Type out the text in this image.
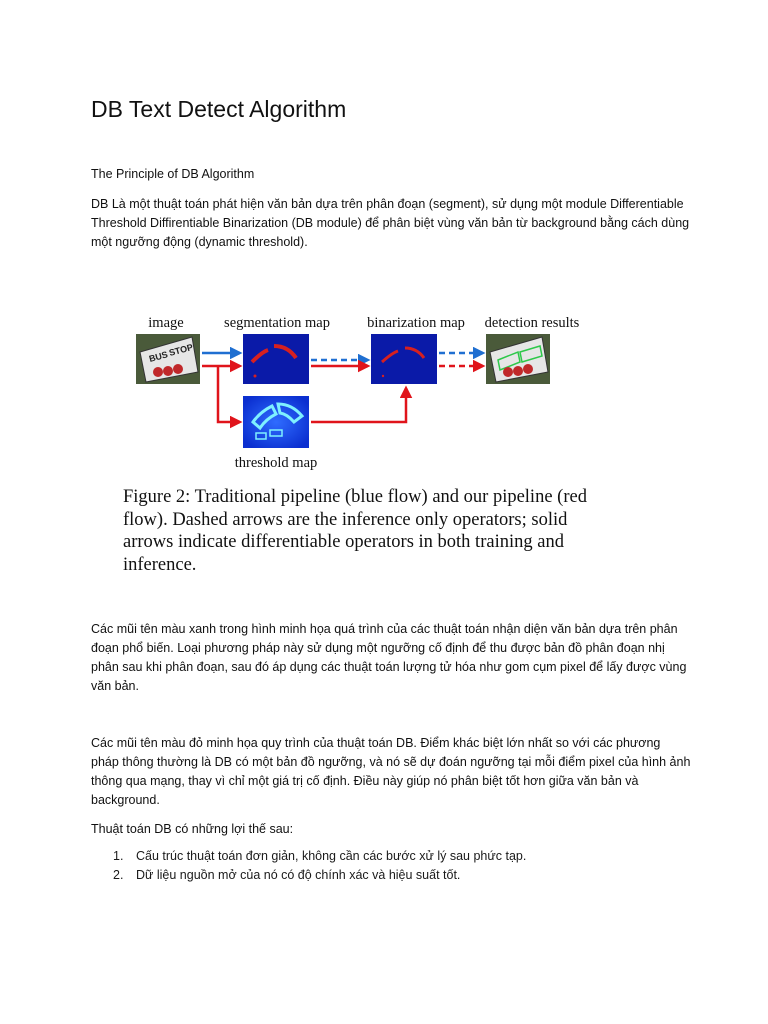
DB Text Detect Algorithm

The Principle of DB Algorithm

DB Là một thuật toán phát hiện văn bản dựa trên phân đoạn (segment), sử dụng một module Differentiable Threshold Diffirentiable Binarization (DB module) để phân biệt vùng văn bản từ background bằng cách dùng một ngưỡng động (dynamic threshold).

image	segmentation map	binarization map detection results
threshold map
BUS STOP

Figure 2: Traditional pipeline (blue flow) and our pipeline (red flow). Dashed arrows are the inference only operators; solid arrows indicate differentiable operators in both training and inference.

Các mũi tên màu xanh trong hình minh họa quá trình của các thuật toán nhận diện văn bản dựa trên phân đoạn phổ biến. Loại phương pháp này sử dụng một ngưỡng cố định để thu được bản đồ phân đoạn nhị phân sau khi phân đoạn, sau đó áp dụng các thuật toán lượng tử hóa như gom cụm pixel để lấy được vùng văn bản.

Các mũi tên màu đỏ minh họa quy trình của thuật toán DB. Điểm khác biệt lớn nhất so với các phương pháp thông thường là DB có một bản đồ ngưỡng, và nó sẽ dự đoán ngưỡng tại mỗi điểm pixel của hình ảnh thông qua mạng, thay vì chỉ một giá trị cố định. Điều này giúp nó phân biệt tốt hơn giữa văn bản và background.

Thuật toán DB có những lợi thế sau:

1. Cấu trúc thuật toán đơn giản, không cần các bước xử lý sau phức tạp.
2. Dữ liệu nguồn mở của nó có độ chính xác và hiệu suất tốt.
